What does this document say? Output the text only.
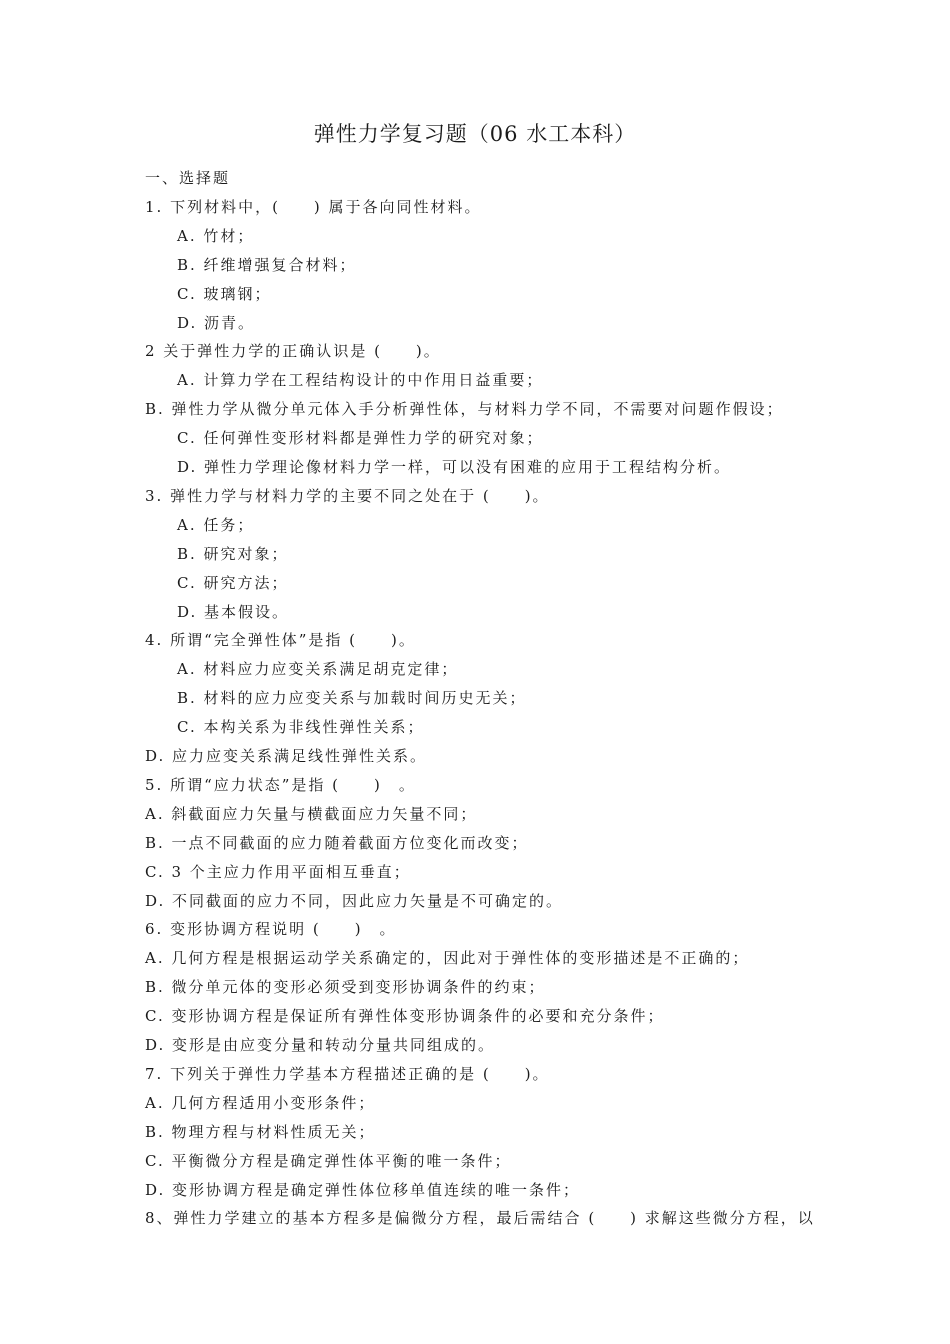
弹性力学复习题（06 水工本科）
一、选择题
1. 下列材料中，(　　) 属于各向同性材料。
A. 竹材；
B. 纤维增强复合材料；
C. 玻璃钢；
D. 沥青。
2 关于弹性力学的正确认识是 (　　)。
A. 计算力学在工程结构设计的中作用日益重要；
B. 弹性力学从微分单元体入手分析弹性体，与材料力学不同，不需要对问题作假设；
C. 任何弹性变形材料都是弹性力学的研究对象；
D. 弹性力学理论像材料力学一样，可以没有困难的应用于工程结构分析。
3. 弹性力学与材料力学的主要不同之处在于 (　　)。
A. 任务；
B. 研究对象；
C. 研究方法；
D. 基本假设。
4. 所谓“完全弹性体”是指 (　　)。
A. 材料应力应变关系满足胡克定律；
B. 材料的应力应变关系与加载时间历史无关；
C. 本构关系为非线性弹性关系；
D. 应力应变关系满足线性弹性关系。
5. 所谓“应力状态”是指 (　　)　。
A. 斜截面应力矢量与横截面应力矢量不同；
B. 一点不同截面的应力随着截面方位变化而改变；
C. 3 个主应力作用平面相互垂直；
D. 不同截面的应力不同，因此应力矢量是不可确定的。
6. 变形协调方程说明 (　　)　。
A. 几何方程是根据运动学关系确定的，因此对于弹性体的变形描述是不正确的；
B. 微分单元体的变形必须受到变形协调条件的约束；
C. 变形协调方程是保证所有弹性体变形协调条件的必要和充分条件；
D. 变形是由应变分量和转动分量共同组成的。
7. 下列关于弹性力学基本方程描述正确的是 (　　)。
A. 几何方程适用小变形条件；
B. 物理方程与材料性质无关；
C. 平衡微分方程是确定弹性体平衡的唯一条件；
D. 变形协调方程是确定弹性体位移单值连续的唯一条件；
8、弹性力学建立的基本方程多是偏微分方程，最后需结合 (　　) 求解这些微分方程，以
